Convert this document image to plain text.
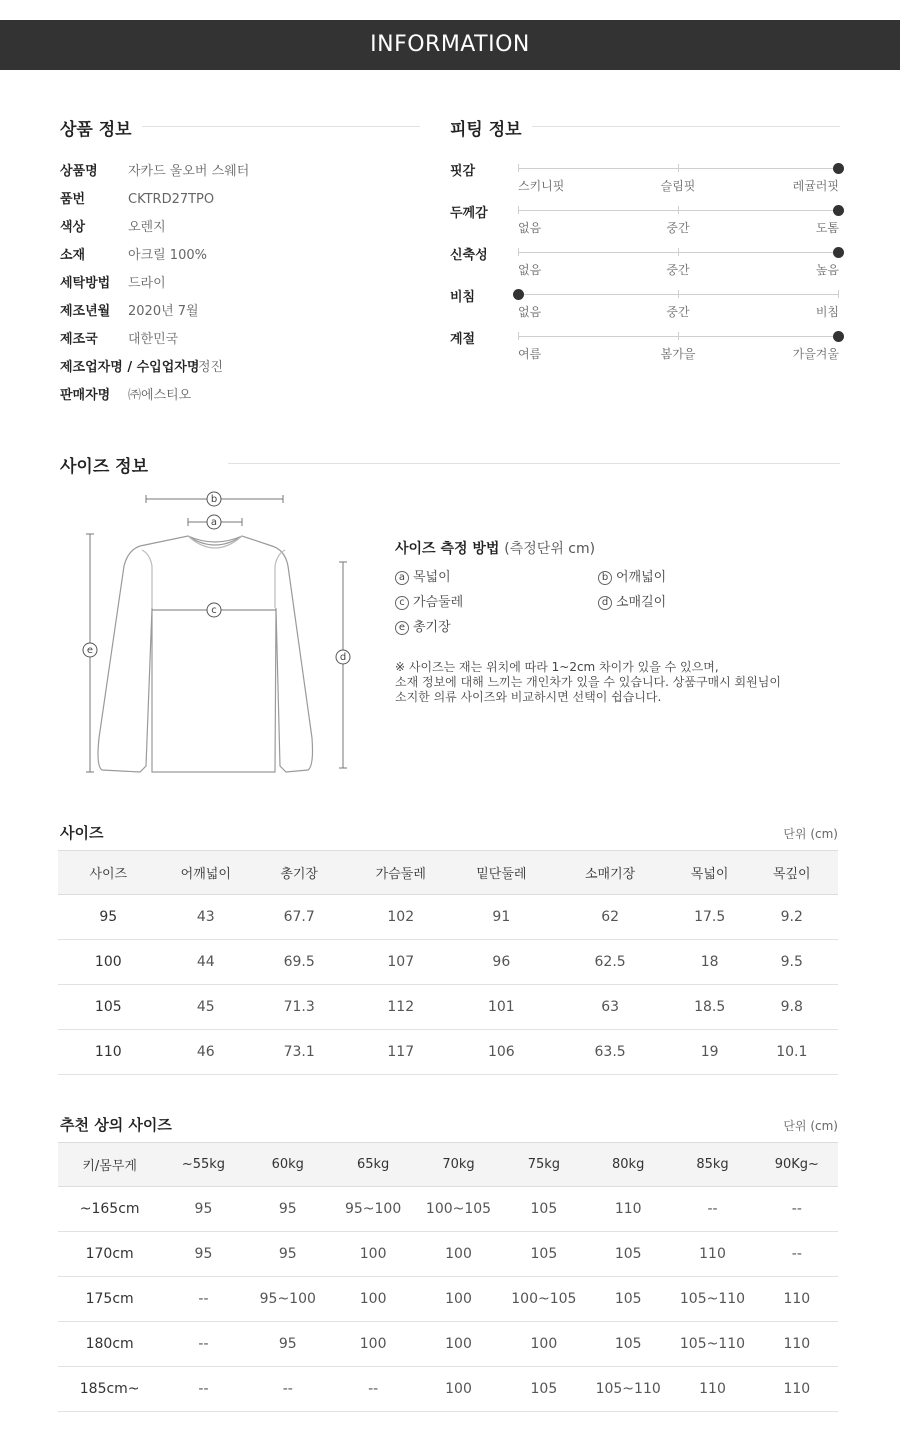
INFORMATION
상품 정보
상품명 자카드 울오버 스웨터
품번	CKTRD27TPO
색상	오렌지
소재	아크릴 100%
세탁방법 드라이
제조년월 2020년 7월
제조국 대한민국
제조업자명 / 수입업자명정진
판매자명 ㈜에스티오
피팅 정보
핏감
스키니핏	슬림핏	레귤러핏
두께감
없음	중간	도톰
신축성
없음	중간	높음
비침
없음	중간	비침
계절
여름	봄가을	가을겨울
사이즈 정보
b
a
c
e
d
사이즈 측정 방법 (측정단위 cm)
a 목넓이	b 어깨넓이
c 가슴둘레	d 소매길이
e 총기장
※ 사이즈는 재는 위치에 따라 1~2cm 차이가 있을 수 있으며,
소재 정보에 대해 느끼는 개인차가 있을 수 있습니다. 상품구매시 회원님이
소지한 의류 사이즈와 비교하시면 선택이 쉽습니다.
사이즈	단위 (cm)
사이즈	어깨넓이	총기장	가슴둘레	밑단둘레	소매기장	목넓이	목깊이
95	43	67.7	102	91	62	17.5	9.2
100	44	69.5	107	96	62.5	18	9.5
105	45	71.3	112	101	63	18.5	9.8
110	46	73.1	117	106	63.5	19	10.1
추천 상의 사이즈	단위 (cm)
키/몸무게	~55kg	60kg	65kg	70kg	75kg	80kg	85kg	90Kg~
~165cm	95	95	95~100	100~105	105	110	--	--
170cm	95	95	100	100	105	105	110	--
175cm	--	95~100	100	100	100~105	105	105~110	110
180cm	--	95	100	100	100	105	105~110	110
185cm~	--	--	--	100	105	105~110	110	110
